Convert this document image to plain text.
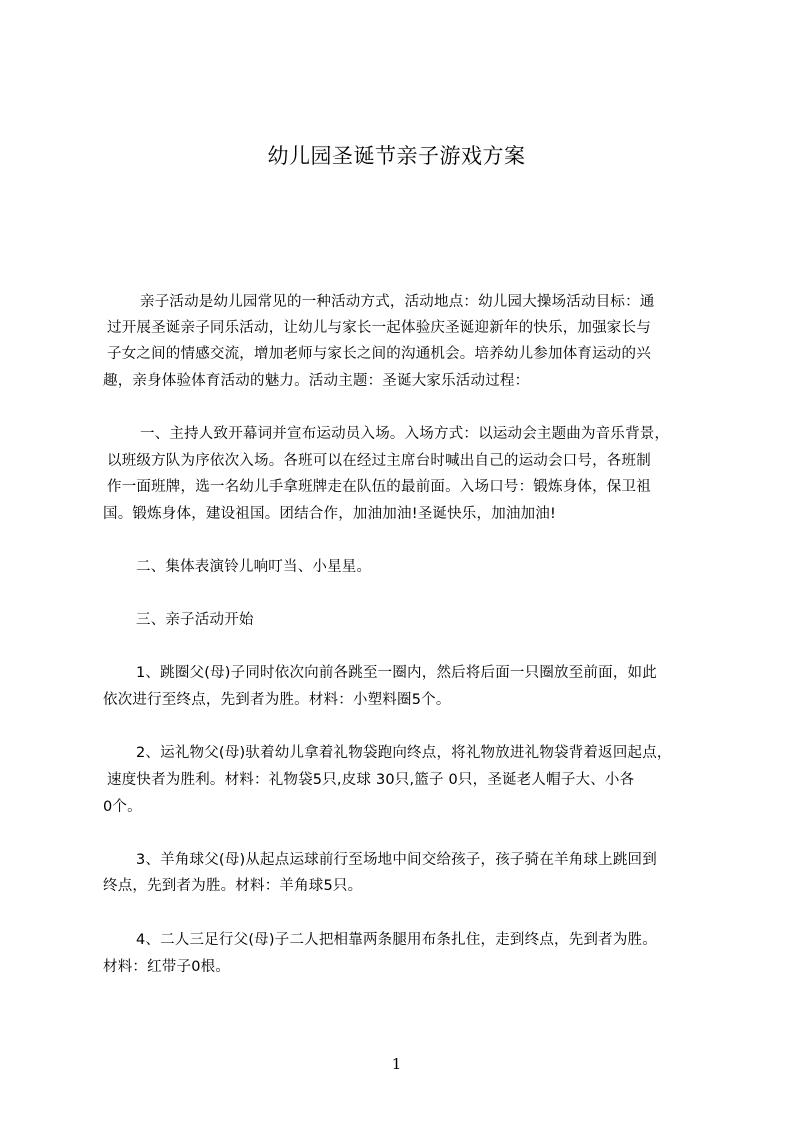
幼儿园圣诞节亲子游戏方案
亲子活动是幼儿园常见的一种活动方式，活动地点：幼儿园大操场活动目标：通
过开展圣诞亲子同乐活动，让幼儿与家长一起体验庆圣诞迎新年的快乐，加强家长与
子女之间的情感交流，增加老师与家长之间的沟通机会。培养幼儿参加体育运动的兴
趣，亲身体验体育活动的魅力。活动主题：圣诞大家乐活动过程：
一、主持人致开幕词并宣布运动员入场。入场方式：以运动会主题曲为音乐背景，
以班级方队为序依次入场。各班可以在经过主席台时喊出自己的运动会口号，各班制
作一面班牌，选一名幼儿手拿班牌走在队伍的最前面。入场口号：锻炼身体，保卫祖
国。锻炼身体，建设祖国。团结合作，加油加油!圣诞快乐，加油加油!
二、集体表演铃儿响叮当、小星星。
三、亲子活动开始
1、跳圈父(母)子同时依次向前各跳至一圈内，然后将后面一只圈放至前面，如此
依次进行至终点，先到者为胜。材料：小塑料圈5个。
2、运礼物父(母)驮着幼儿拿着礼物袋跑向终点，将礼物放进礼物袋背着返回起点，
速度快者为胜利。材料：礼物袋5只,皮球 30只,篮子 0只，圣诞老人帽子大、小各
0个。
3、羊角球父(母)从起点运球前行至场地中间交给孩子，孩子骑在羊角球上跳回到
终点，先到者为胜。材料：羊角球5只。
4、二人三足行父(母)子二人把相靠两条腿用布条扎住，走到终点，先到者为胜。
材料：红带子0根。
1
